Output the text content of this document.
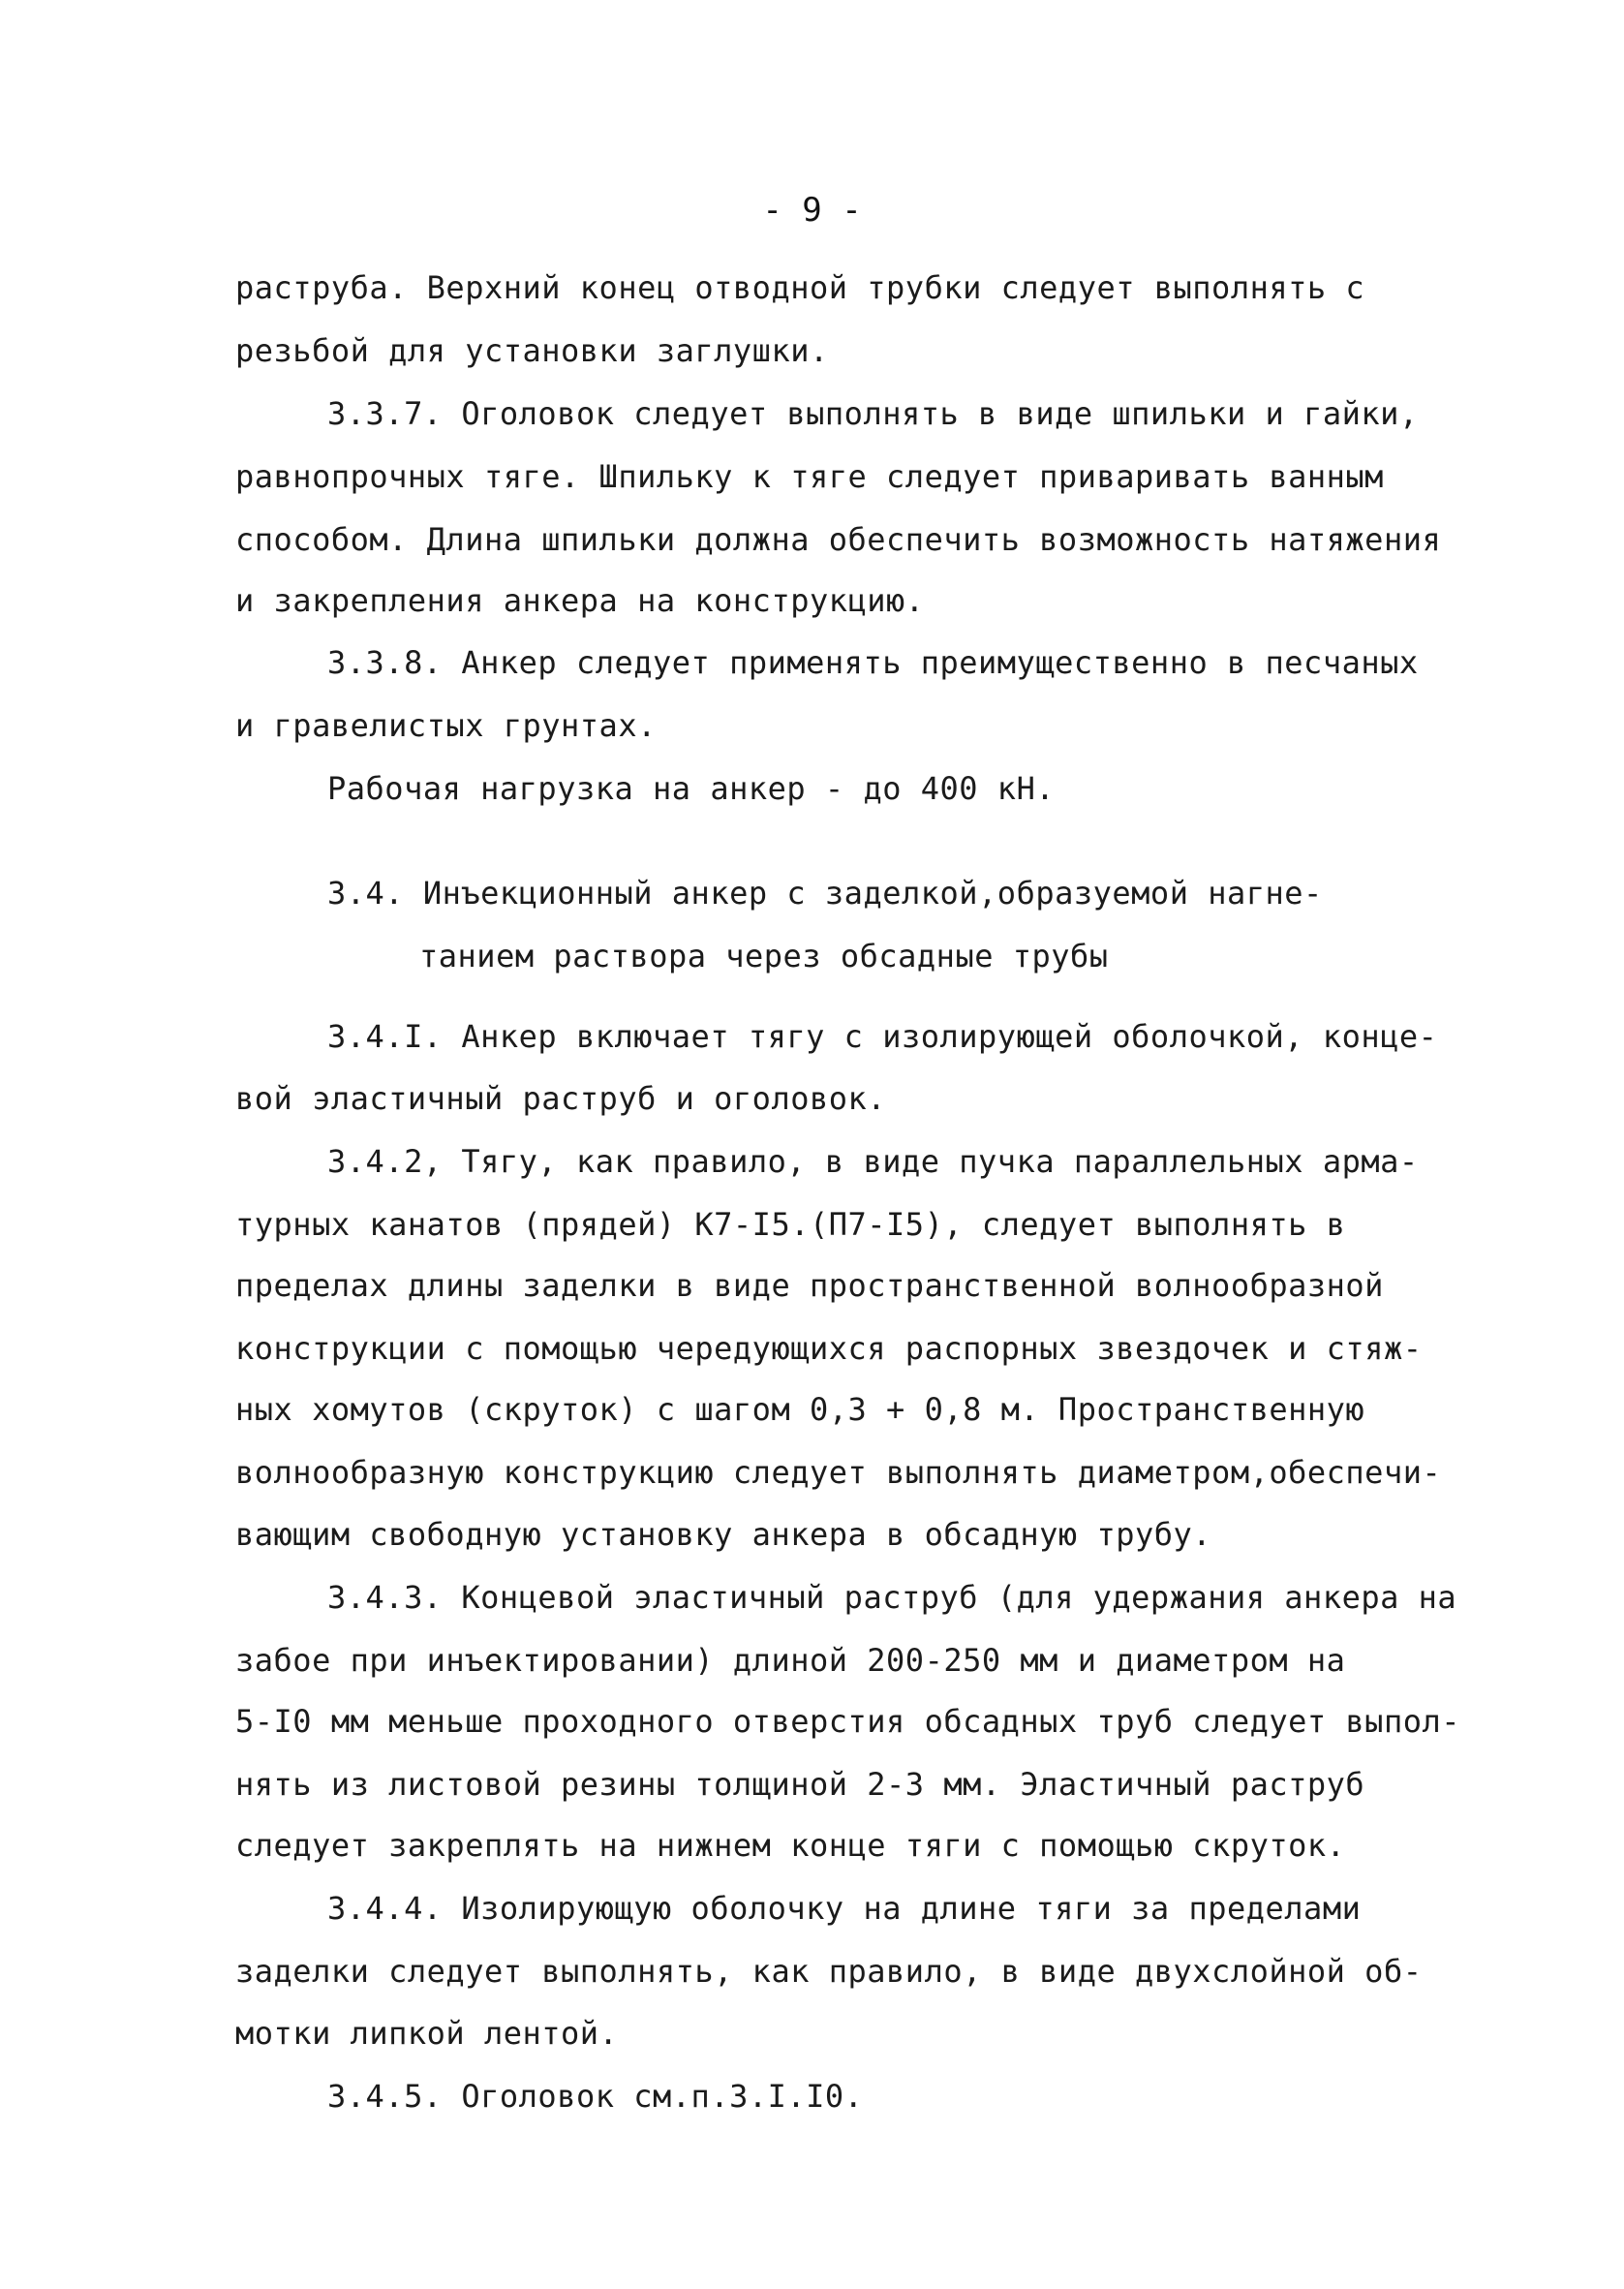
- 9 -
раструба. Верхний конец отводной трубки следует выполнять с
резьбой для установки заглушки.
3.3.7. Оголовок следует выполнять в виде шпильки и гайки,
равнопрочных тяге. Шпильку к тяге следует приваривать ванным
способом. Длина шпильки должна обеспечить возможность натяжения
и закрепления анкера на конструкцию.
3.3.8. Анкер следует применять преимущественно в песчаных
и гравелистых грунтах.
Рабочая нагрузка на анкер - до 400 кН.
3.4. Инъекционный анкер с заделкой,образуемой нагне-
танием раствора через обсадные трубы
3.4.I. Анкер включает тягу с изолирующей оболочкой, конце-
вой эластичный раструб и оголовок.
3.4.2, Тягу, как правило, в виде пучка параллельных арма-
турных канатов (прядей) К7-I5.(П7-I5), следует выполнять в
пределах длины заделки в виде пространственной волнообразной
конструкции с помощью чередующихся распорных звездочек и стяж-
ных хомутов (скруток) с шагом 0,3 + 0,8 м. Пространственную
волнообразную конструкцию следует выполнять диаметром,обеспечи-
вающим свободную установку анкера в обсадную трубу.
3.4.3. Концевой эластичный раструб (для удержания анкера на
забое при инъектировании) длиной 200-250 мм и диаметром на
5-I0 мм меньше проходного отверстия обсадных труб следует выпол-
нять из листовой резины толщиной 2-3 мм. Эластичный раструб
следует закреплять на нижнем конце тяги с помощью скруток.
3.4.4. Изолирующую оболочку на длине тяги за пределами
заделки следует выполнять, как правило, в виде двухслойной об-
мотки липкой лентой.
3.4.5. Оголовок см.п.3.I.I0.
